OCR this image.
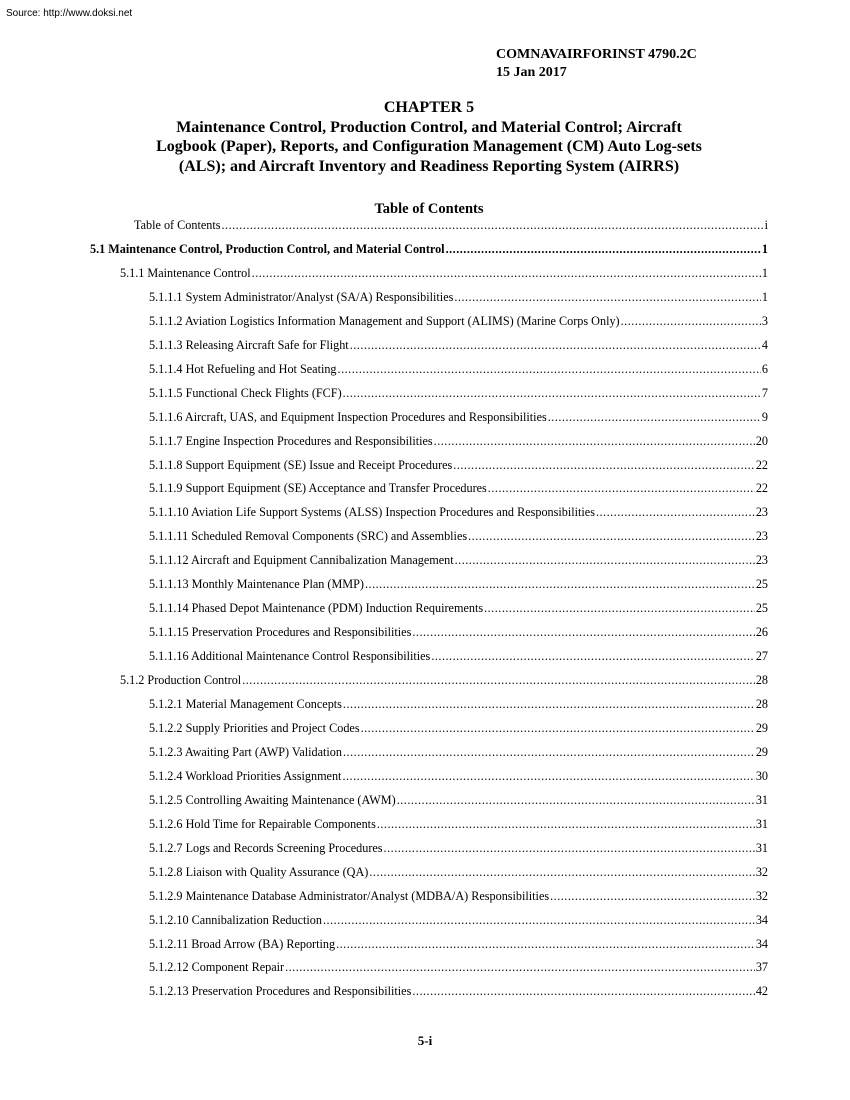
Source: http://www.doksi.net
COMNAVAIRFORINST 4790.2C
15 Jan 2017
CHAPTER 5
Maintenance Control, Production Control, and Material Control; Aircraft
Logbook (Paper), Reports, and Configuration Management (CM) Auto Log-sets
(ALS); and Aircraft Inventory and Readiness Reporting System (AIRRS)
Table of Contents
Table of Contents .....	i
5.1 Maintenance Control, Production Control, and Material Control .....	1
5.1.1 Maintenance Control .....	1
5.1.1.1 System Administrator/Analyst (SA/A) Responsibilities .....	1
5.1.1.2 Aviation Logistics Information Management and Support (ALIMS) (Marine Corps Only) .....	3
5.1.1.3 Releasing Aircraft Safe for Flight .....	4
5.1.1.4 Hot Refueling and Hot Seating .....	6
5.1.1.5 Functional Check Flights (FCF) .....	7
5.1.1.6 Aircraft, UAS, and Equipment Inspection Procedures and Responsibilities .....	9
5.1.1.7 Engine Inspection Procedures and Responsibilities .....	20
5.1.1.8 Support Equipment (SE) Issue and Receipt Procedures .....	22
5.1.1.9 Support Equipment (SE) Acceptance and Transfer Procedures .....	22
5.1.1.10 Aviation Life Support Systems (ALSS) Inspection Procedures and Responsibilities .....	23
5.1.1.11 Scheduled Removal Components (SRC) and Assemblies .....	23
5.1.1.12 Aircraft and Equipment Cannibalization Management .....	23
5.1.1.13 Monthly Maintenance Plan (MMP) .....	25
5.1.1.14 Phased Depot Maintenance (PDM) Induction Requirements .....	25
5.1.1.15 Preservation Procedures and Responsibilities .....	26
5.1.1.16 Additional Maintenance Control Responsibilities .....	27
5.1.2 Production Control .....	28
5.1.2.1 Material Management Concepts .....	28
5.1.2.2 Supply Priorities and Project Codes .....	29
5.1.2.3 Awaiting Part (AWP) Validation .....	29
5.1.2.4 Workload Priorities Assignment .....	30
5.1.2.5 Controlling Awaiting Maintenance (AWM) .....	31
5.1.2.6 Hold Time for Repairable Components .....	31
5.1.2.7 Logs and Records Screening Procedures .....	31
5.1.2.8 Liaison with Quality Assurance (QA) .....	32
5.1.2.9 Maintenance Database Administrator/Analyst (MDBA/A) Responsibilities .....	32
5.1.2.10 Cannibalization Reduction .....	34
5.1.2.11 Broad Arrow (BA) Reporting .....	34
5.1.2.12 Component Repair .....	37
5.1.2.13 Preservation Procedures and Responsibilities .....	42
5-i
